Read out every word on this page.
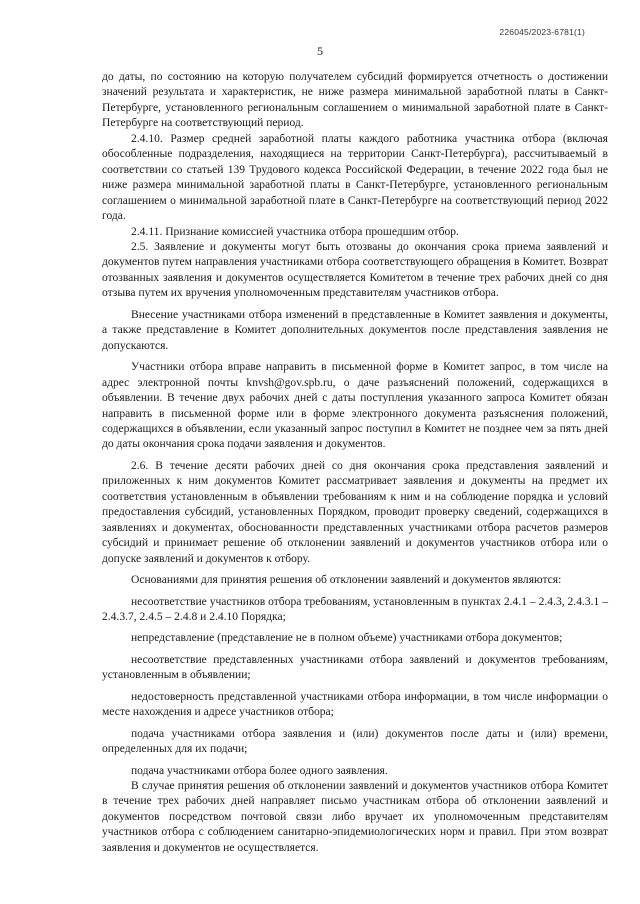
226045/2023-6781(1)
5

до даты, по состоянию на которую получателем субсидий формируется отчетность о достижении значений результата и характеристик, не ниже размера минимальной заработной платы в Санкт-Петербурге, установленного региональным соглашением о минимальной заработной плате в Санкт-Петербурге на соответствующий период.

2.4.10. Размер средней заработной платы каждого работника участника отбора (включая обособленные подразделения, находящиеся на территории Санкт-Петербурга), рассчитываемый в соответствии со статьей 139 Трудового кодекса Российской Федерации, в течение 2022 года был не ниже размера минимальной заработной платы в Санкт-Петербурге, установленного региональным соглашением о минимальной заработной плате в Санкт-Петербурге на соответствующий период 2022 года.

2.4.11. Признание комиссией участника отбора прошедшим отбор.

2.5. Заявление и документы могут быть отозваны до окончания срока приема заявлений и документов путем направления участниками отбора соответствующего обращения в Комитет. Возврат отозванных заявления и документов осуществляется Комитетом в течение трех рабочих дней со дня отзыва путем их вручения уполномоченным представителям участников отбора.

Внесение участниками отбора изменений в представленные в Комитет заявления и документы, а также представление в Комитет дополнительных документов после представления заявления не допускаются.

Участники отбора вправе направить в письменной форме в Комитет запрос, в том числе на адрес электронной почты knvsh@gov.spb.ru, о даче разъяснений положений, содержащихся в объявлении. В течение двух рабочих дней с даты поступления указанного запроса Комитет обязан направить в письменной форме или в форме электронного документа разъяснения положений, содержащихся в объявлении, если указанный запрос поступил в Комитет не позднее чем за пять дней до даты окончания срока подачи заявления и документов.

2.6. В течение десяти рабочих дней со дня окончания срока представления заявлений и приложенных к ним документов Комитет рассматривает заявления и документы на предмет их соответствия установленным в объявлении требованиям к ним и на соблюдение порядка и условий предоставления субсидий, установленных Порядком, проводит проверку сведений, содержащихся в заявлениях и документах, обоснованности представленных участниками отбора расчетов размеров субсидий и принимает решение об отклонении заявлений и документов участников отбора или о допуске заявлений и документов к отбору.

Основаниями для принятия решения об отклонении заявлений и документов являются:

несоответствие участников отбора требованиям, установленным в пунктах 2.4.1 – 2.4.3, 2.4.3.1 – 2.4.3.7, 2.4.5 – 2.4.8 и 2.4.10 Порядка;

непредставление (представление не в полном объеме) участниками отбора документов;

несоответствие представленных участниками отбора заявлений и документов требованиям, установленным в объявлении;

недостоверность представленной участниками отбора информации, в том числе информации о месте нахождения и адресе участников отбора;

подача участниками отбора заявления и (или) документов после даты и (или) времени, определенных для их подачи;

подача участниками отбора более одного заявления.

В случае принятия решения об отклонении заявлений и документов участников отбора Комитет в течение трех рабочих дней направляет письмо участникам отбора об отклонении заявлений и документов посредством почтовой связи либо вручает их уполномоченным представителям участников отбора с соблюдением санитарно-эпидемиологических норм и правил. При этом возврат заявления и документов не осуществляется.
